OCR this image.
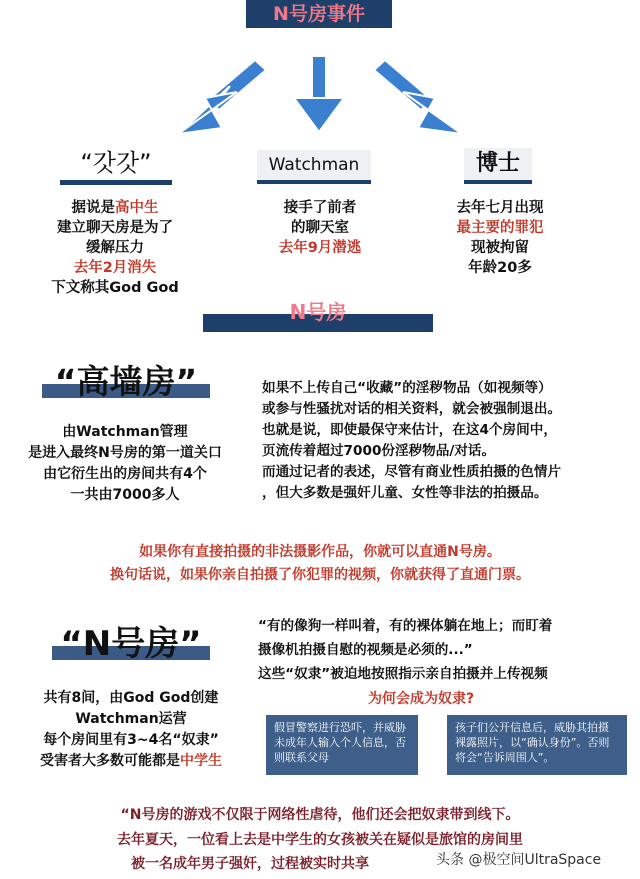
N号房事件
“갓갓”	Watchman	博士
据说是高中生
建立聊天房是为了
缓解压力
去年2月消失
下文称其God God
接手了前者
的聊天室
去年9月潜逃
去年七月出现
最主要的罪犯
现被拘留
年龄20多
N号房
“高墙房”
由Watchman管理
是进入最终N号房的第一道关口
由它衍生出的房间共有4个
一共由7000多人
如果不上传自己“收藏”的淫秽物品（如视频等）
或参与性骚扰对话的相关资料，就会被强制退出。
也就是说，即使最保守来估计，在这4个房间中，
页流传着超过7000份淫秽物品/对话。
而通过记者的表述，尽管有商业性质拍摄的色情片
，但大多数是强奸儿童、女性等非法的拍摄品。
如果你有直接拍摄的非法摄影作品，你就可以直通N号房。
换句话说，如果你亲自拍摄了你犯罪的视频，你就获得了直通门票。
“N号房”	“有的像狗一样叫着，有的裸体躺在地上；而盯着
摄像机拍摄自慰的视频是必须的...”
这些“奴隶”被迫地按照指示亲自拍摄并上传视频
为何会成为奴隶?
共有8间，由God God创建
Watchman运营
每个房间里有3~4名“奴隶”
受害者大多数可能都是中学生
假冒警察进行恐吓，并威胁未成年人输入个人信息，否则联系父母
孩子们公开信息后，威胁其拍摄裸露照片，以“确认身份”。否则将会“告诉周围人”。
“N号房的游戏不仅限于网络性虐待，他们还会把奴隶带到线下。
去年夏天，一位看上去是中学生的女孩被关在疑似是旅馆的房间里
被一名成年男子强奸，过程被实时共享	头条 @极空间UltraSpace
